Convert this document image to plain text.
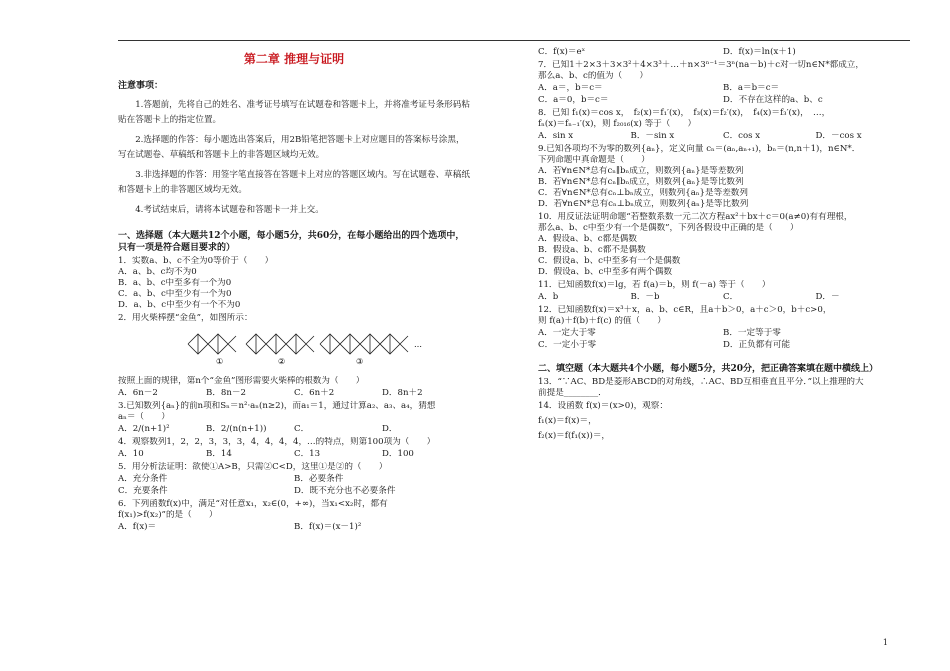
第二章 推理与证明
注意事项：
1.答题前，先将自己的姓名、准考证号填写在试题卷和答题卡上，并将准考证号条形码粘贴在答题卡上的指定位置。
2.选择题的作答：每小题选出答案后，用2B铅笔把答题卡上对应题目的答案标号涂黑，写在试题卷、草稿纸和答题卡上的非答题区域均无效。
3.非选择题的作答：用签字笔直接答在答题卡上对应的答题区域内。写在试题卷、草稿纸和答题卡上的非答题区域均无效。
4.考试结束后，请将本试题卷和答题卡一并上交。
一、选择题（本大题共12个小题，每小题5分，共60分，在每小题给出的四个选项中，只有一项是符合题目要求的）
1．实数a、b、c不全为0等价于（　　）
A．a、b、c均不为0
B．a、b、c中至多有一个为0
C．a、b、c中至少有一个为0
D．a、b、c中至少有一个不为0
2．用火柴棒摆“金鱼”，如图所示：
①	②	③
…
按照上面的规律，第n个“金鱼”图形需要火柴棒的根数为（　　）
A．6n－2	B．8n－2	C．6n＋2	D．8n＋2
3.已知数列{aₙ}的前n项和Sₙ＝n²·aₙ(n≥2)，而a₁＝1，通过计算a₂、a₃、a₄，猜想
aₙ＝（　　）
A．2/(n+1)²	B．2/(n(n+1))	C．	D．
4．观察数列1，2，2，3，3，3，4，4，4，4，…的特点，则第100项为（　　）
A．10	B．14	C．13	D．100
5．用分析法证明：欲使①A>B，只需②C<D，这里①是②的（　　）
A．充分条件	B．必要条件
C．充要条件	D．既不充分也不必要条件
6．下列函数f(x)中，满足“对任意x₁，x₂∈(0，+∞)，当x₁<x₂时，都有
f(x₁)>f(x₂)”的是（　　）
A．f(x)＝	B．f(x)＝(x－1)²
C．f(x)＝eˣ	D．f(x)＝ln(x＋1)
7．已知1＋2×3＋3×3²＋4×3³＋…＋n×3ⁿ⁻¹＝3ⁿ(na－b)＋c对一切n∈N*都成立，
那么a、b、c的值为（　　）
A．a＝，b＝c＝	B．a＝b＝c＝
C．a＝0，b＝c＝	D．不存在这样的a、b、c
8．已知 f₁(x)＝cos x，　f₂(x)＝f₁′(x)，　f₃(x)＝f₂′(x)，　f₄(x)＝f₃′(x)，　…，
fₙ(x)＝fₙ₋₁′(x)，则 f₂₀₁₆(x) 等于（　　）
A．sin x	B．－sin x	C．cos x	D．－cos x
9.已知各项均不为零的数列{aₙ}，定义向量 cₙ＝(aₙ,aₙ₊₁)，bₙ＝(n,n＋1)，n∈N*．
下列命题中真命题是（　　）
A．若∀n∈N*总有cₙ∥bₙ成立，则数列{aₙ}是等差数列
B．若∀n∈N*总有cₙ∥bₙ成立，则数列{aₙ}是等比数列
C．若∀n∈N*总有cₙ⊥bₙ成立，则数列{aₙ}是等差数列
D．若∀n∈N*总有cₙ⊥bₙ成立，则数列{aₙ}是等比数列
10．用反证法证明命题“若整数系数一元二次方程ax²＋bx＋c＝0(a≠0)有有理根，
那么a、b、c中至少有一个是偶数”，下列各假设中正确的是（　　）
A．假设a、b、c都是偶数
B．假设a、b、c都不是偶数
C．假设a、b、c中至多有一个是偶数
D．假设a、b、c中至多有两个偶数
11．已知函数f(x)＝lg，若 f(a)＝b，则 f(－a) 等于（　　）
A．b	B．－b	C．	D．－
12．已知函数f(x)＝x³＋x，a、b、c∈R，且a＋b＞0，a＋c＞0，b＋c>0，
则 f(a)＋f(b)＋f(c) 的值（　　）
A．一定大于零	B．一定等于零
C．一定小于零	D．正负都有可能
二、填空题（本大题共4个小题，每小题5分，共20分，把正确答案填在题中横线上）
13．“∵AC、BD是菱形ABCD的对角线，∴AC、BD互相垂直且平分．”以上推理的大
前提是________．
14．设函数 f(x)＝(x>0)，观察：
f₁(x)＝f(x)＝，
f₂(x)＝f(f₁(x))＝，
1
